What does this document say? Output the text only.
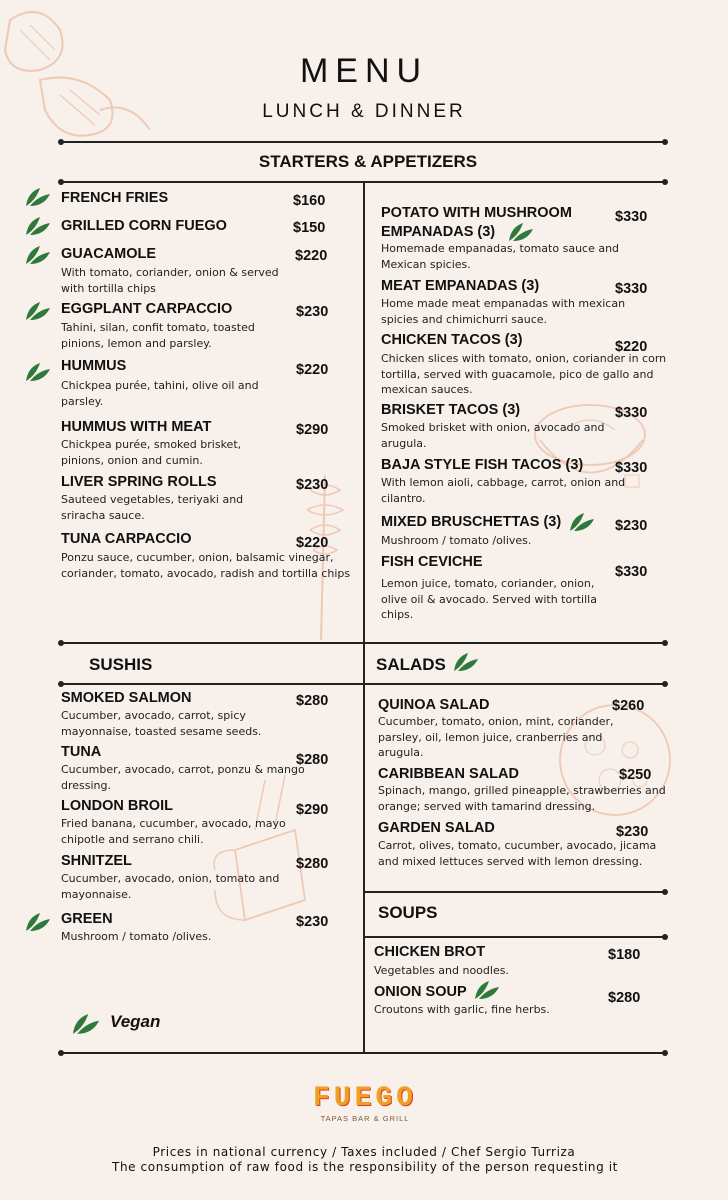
MENU
LUNCH & DINNER
STARTERS & APPETIZERS
FRENCH FRIES	$160
GRILLED CORN FUEGO	$150
GUACAMOLE	$220
With tomato, coriander, onion & served with tortilla chips
EGGPLANT CARPACCIO	$230
Tahini, silan, confit tomato, toasted pinions, lemon and parsley.
HUMMUS	$220
Chickpea purée, tahini, olive oil and parsley.
HUMMUS WITH MEAT	$290
Chickpea purée, smoked brisket, pinions, onion and cumin.
LIVER SPRING ROLLS	$230
Sauteed vegetables, teriyaki and sriracha sauce.
TUNA CARPACCIO	$220
Ponzu sauce, cucumber, onion, balsamic vinegar, coriander, tomato, avocado, radish and tortilla chips
POTATO WITH MUSHROOM
EMPANADAS (3)
$330
Homemade empanadas, tomato sauce and Mexican spicies.
MEAT EMPANADAS (3)	$330
Home made meat empanadas with mexican spicies and chimichurri sauce.
CHICKEN TACOS (3)	$220
Chicken slices with tomato, onion, coriander in corn tortilla, served with guacamole, pico de gallo and mexican sauces.
BRISKET TACOS (3)	$330
Smoked brisket with onion, avocado and arugula.
BAJA STYLE FISH TACOS (3) $330
With lemon aioli, cabbage, carrot, onion and cilantro.
MIXED BRUSCHETTAS (3)	$230
Mushroom / tomato /olives.
FISH CEVICHE
$330
Lemon juice, tomato, coriander, onion, olive oil & avocado. Served with tortilla chips.
SUSHIS	SALADS
SMOKED SALMON	$280
Cucumber, avocado, carrot, spicy mayonnaise, toasted sesame seeds.
TUNA	$280
Cucumber, avocado, carrot, ponzu & mango dressing.
LONDON BROIL	$290
Fried banana, cucumber, avocado, mayo chipotle and serrano chili.
SHNITZEL	$280
Cucumber, avocado, onion, tomato and mayonnaise.
GREEN	$230
Mushroom / tomato /olives.
Vegan
QUINOA SALAD	$260
Cucumber, tomato, onion, mint, coriander, parsley, oil, lemon juice, cranberries and arugula.
CARIBBEAN SALAD	$250
Spinach, mango, grilled pineapple, strawberries and orange; served with tamarind dressing.
GARDEN SALAD	$230
Carrot, olives, tomato, cucumber, avocado, jicama and mixed lettuces served with lemon dressing.
SOUPS
CHICKEN BROT	$180
Vegetables and noodles.
ONION SOUP	$280
Croutons with garlic, fine herbs.
FUEGO
TAPAS BAR & GRILL
Prices in national currency / Taxes included / Chef Sergio Turriza
The consumption of raw food is the responsibility of the person requesting it
